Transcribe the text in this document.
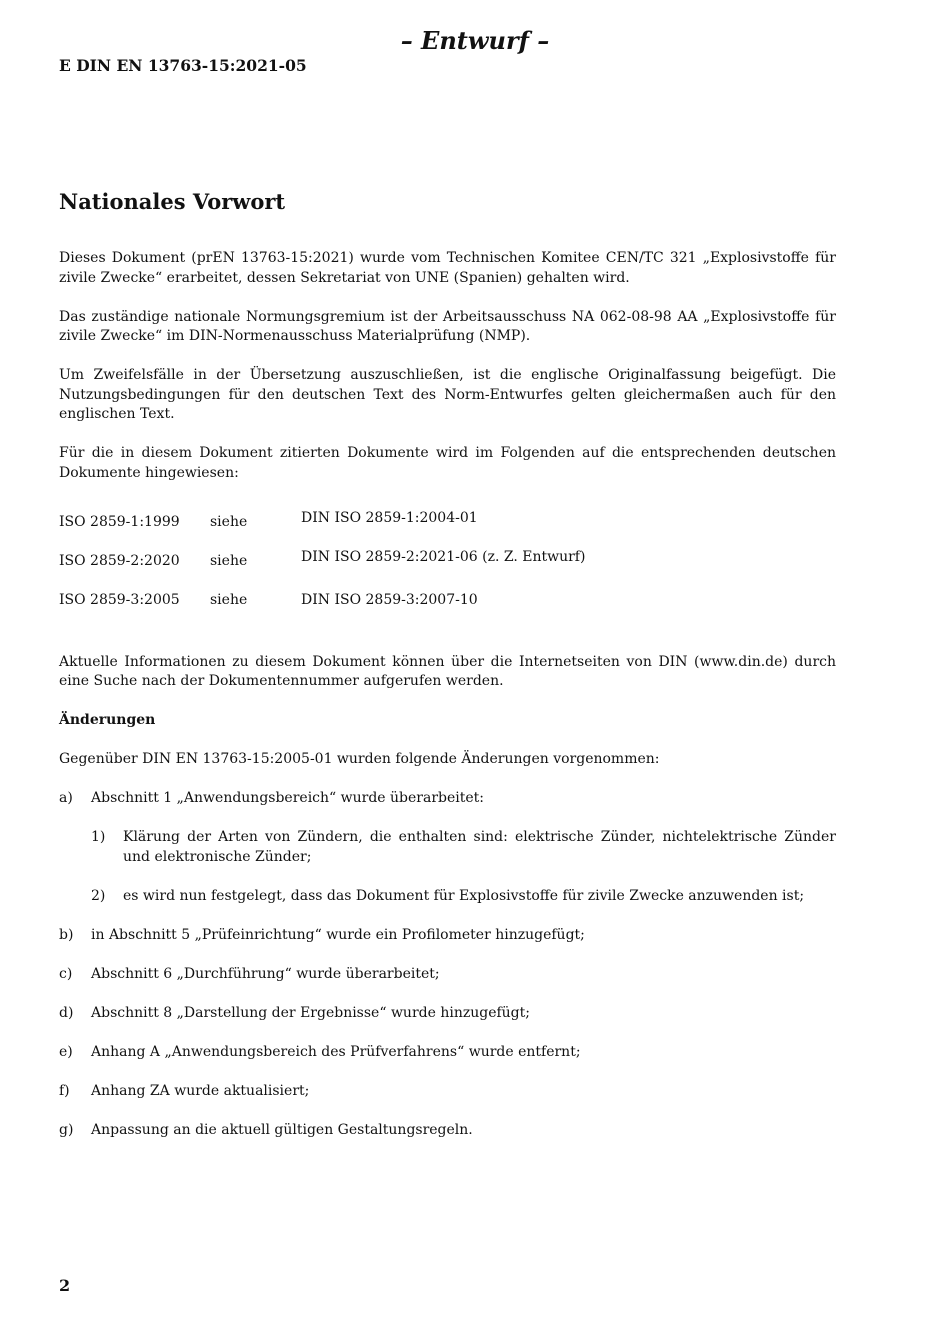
– Entwurf –
E DIN EN 13763-15:2021-05
Nationales Vorwort

Dieses Dokument (prEN 13763-15:2021) wurde vom Technischen Komitee CEN/TC 321 „Explosivstoffe für zivile Zwecke“ erarbeitet, dessen Sekretariat von UNE (Spanien) gehalten wird.

Das zuständige nationale Normungsgremium ist der Arbeitsausschuss NA 062-08-98 AA „Explosivstoffe für zivile Zwecke“ im DIN-Normenausschuss Materialprüfung (NMP).

Um Zweifelsfälle in der Übersetzung auszuschließen, ist die englische Originalfassung beigefügt. Die Nutzungsbedingungen für den deutschen Text des Norm-Entwurfes gelten gleichermaßen auch für den englischen Text.

Für die in diesem Dokument zitierten Dokumente wird im Folgenden auf die entsprechenden deutschen Dokumente hingewiesen:

ISO 2859-1:1999	siehe	DIN ISO 2859-1:2004-01
ISO 2859-2:2020	siehe	DIN ISO 2859-2:2021-06 (z. Z. Entwurf)
ISO 2859-3:2005	siehe	DIN ISO 2859-3:2007-10

Aktuelle Informationen zu diesem Dokument können über die Internetseiten von DIN (www.din.de) durch eine Suche nach der Dokumentennummer aufgerufen werden.

Änderungen

Gegenüber DIN EN 13763-15:2005-01 wurden folgende Änderungen vorgenommen:

a)	Abschnitt 1 „Anwendungsbereich“ wurde überarbeitet:
1)	Klärung der Arten von Zündern, die enthalten sind: elektrische Zünder, nichtelektrische Zünder und elektronische Zünder;
2)	es wird nun festgelegt, dass das Dokument für Explosivstoffe für zivile Zwecke anzuwenden ist;
b)	in Abschnitt 5 „Prüfeinrichtung“ wurde ein Profilometer hinzugefügt;
c)	Abschnitt 6 „Durchführung“ wurde überarbeitet;
d)	Abschnitt 8 „Darstellung der Ergebnisse“ wurde hinzugefügt;
e)	Anhang A „Anwendungsbereich des Prüfverfahrens“ wurde entfernt;
f)	Anhang ZA wurde aktualisiert;
g)	Anpassung an die aktuell gültigen Gestaltungsregeln.
2
